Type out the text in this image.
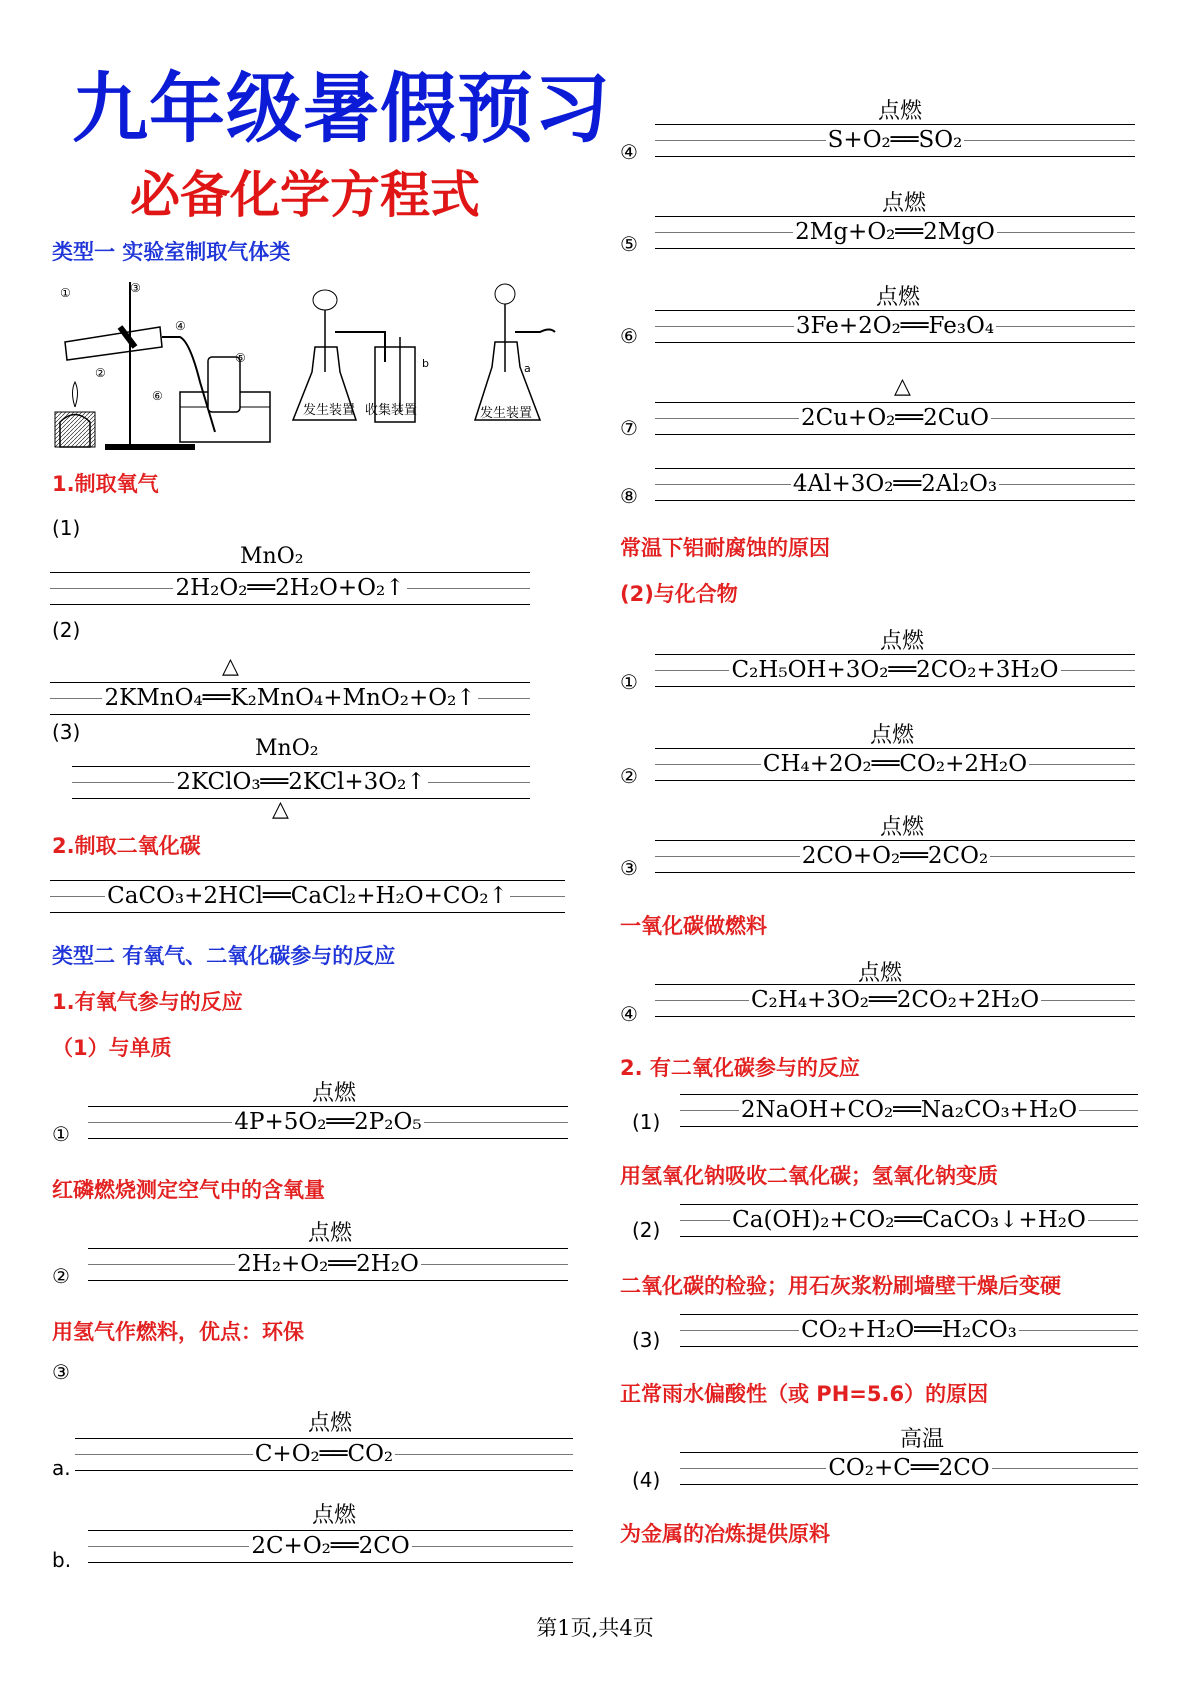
九年级暑假预习
必备化学方程式
类型一 实验室制取气体类
①
②
③
④
⑤
⑥
b
发生装置 收集装置
a
发生装置
1.制取氧气
(1)
MnO₂
2H₂O₂══2H₂O+O₂↑
(2)
△
2KMnO₄══K₂MnO₄+MnO₂+O₂↑
(3)
MnO₂
2KClO₃══2KCl+3O₂↑
△
2.制取二氧化碳
CaCO₃+2HCl══CaCl₂+H₂O+CO₂↑
类型二 有氧气、二氧化碳参与的反应
1.有氧气参与的反应
（1）与单质
点燃
①	4P+5O₂══2P₂O₅
红磷燃烧测定空气中的含氧量
点燃
②	2H₂+O₂══2H₂O
用氢气作燃料，优点：环保
③
点燃
a.
C+O₂══CO₂
点燃
b.
2C+O₂══2CO
点燃
④	S+O₂══SO₂
点燃
⑤	2Mg+O₂══2MgO
点燃
⑥	3Fe+2O₂══Fe₃O₄
△
⑦	2Cu+O₂══2CuO
⑧	4Al+3O₂══2Al₂O₃
常温下铝耐腐蚀的原因
(2)与化合物
点燃
①	C₂H₅OH+3O₂══2CO₂+3H₂O
点燃
②	CH₄+2O₂══CO₂+2H₂O
点燃
③	2CO+O₂══2CO₂
一氧化碳做燃料
点燃
④
C₂H₄+3O₂══2CO₂+2H₂O
2. 有二氧化碳参与的反应
(1)	2NaOH+CO₂══Na₂CO₃+H₂O
用氢氧化钠吸收二氧化碳；氢氧化钠变质
(2)	Ca(OH)₂+CO₂══CaCO₃↓+H₂O
二氧化碳的检验；用石灰浆粉刷墙壁干燥后变硬
(3)	CO₂+H₂O══H₂CO₃
正常雨水偏酸性（或 PH=5.6）的原因
高温
(4)	CO₂+C══2CO
为金属的冶炼提供原料
第1页,共4页
